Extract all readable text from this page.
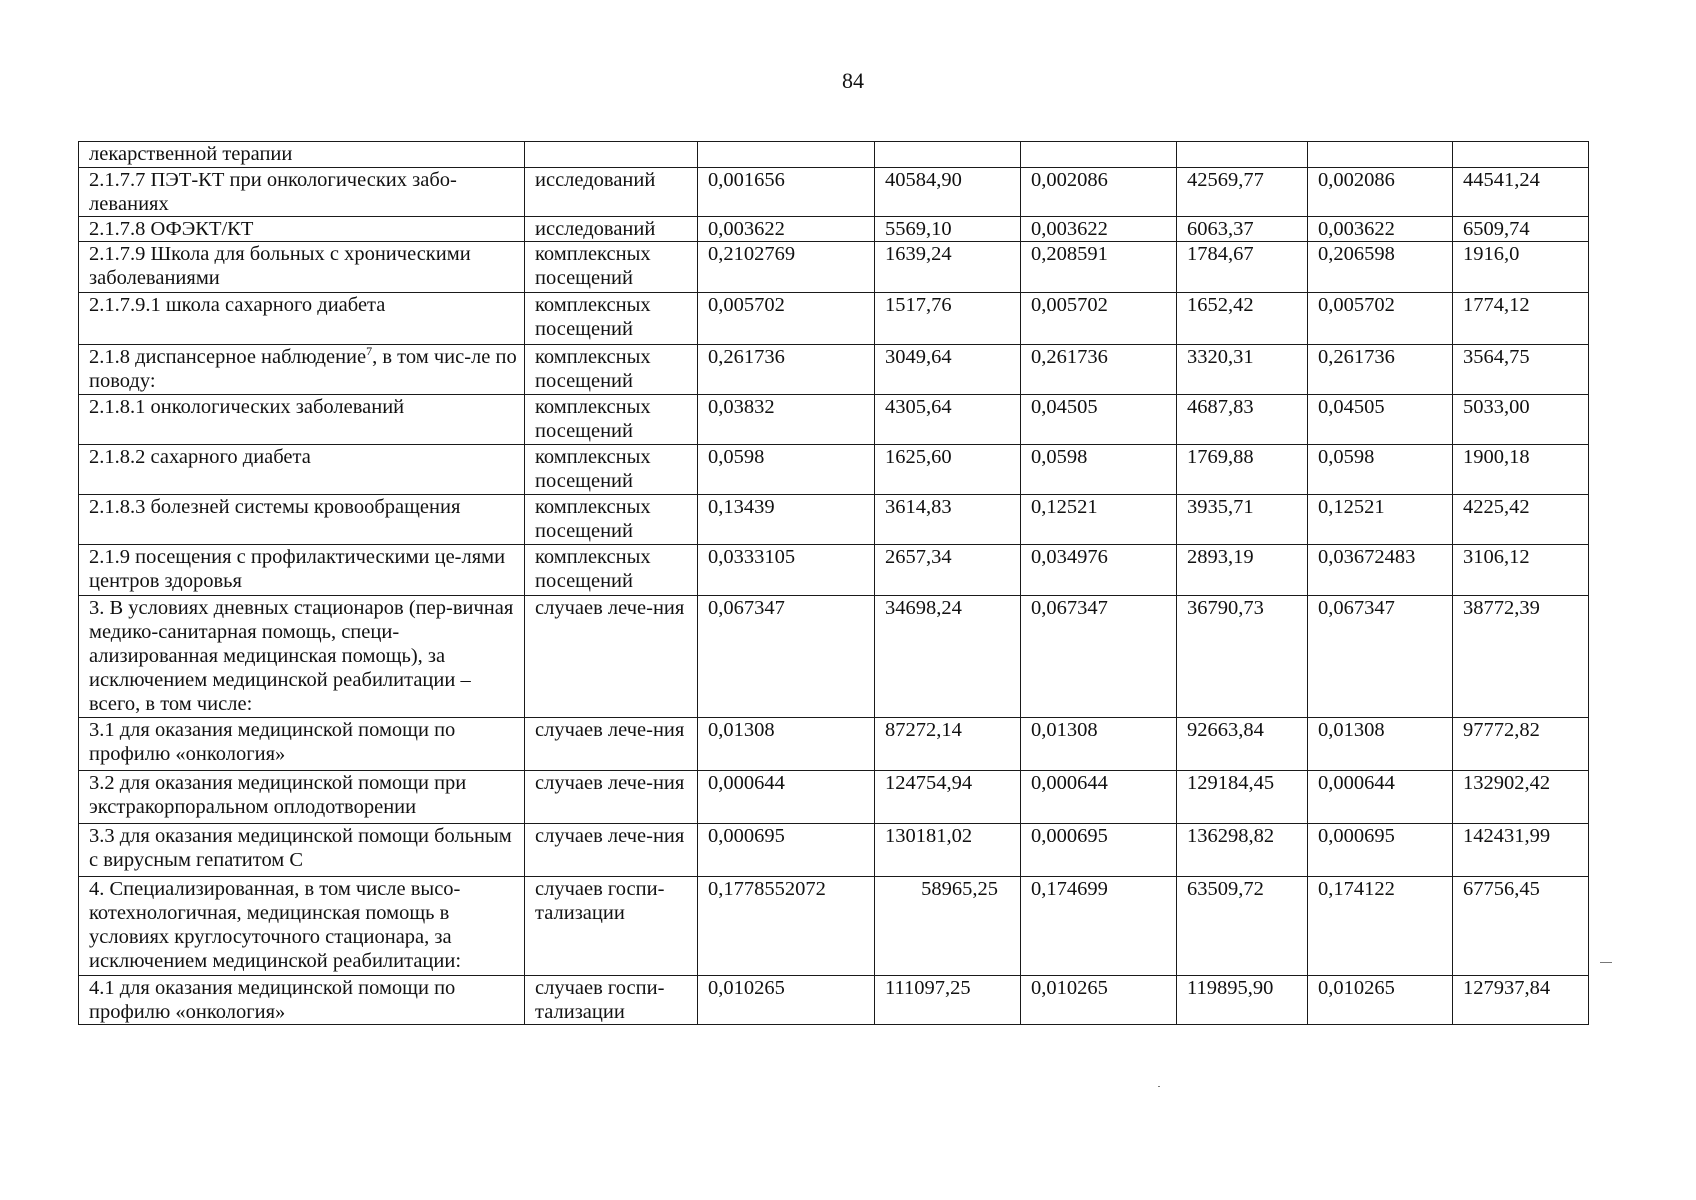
84
лекарственной терапии							
2.1.7.7 ПЭТ-КТ при онкологических забо-левaниях	исследований	0,001656	40584,90	0,002086	42569,77	0,002086	44541,24
2.1.7.8 ОФЭКТ/КТ	исследований	0,003622	5569,10	0,003622	6063,37	0,003622	6509,74
2.1.7.9 Школа для больных с хроническими заболеваниями	комплексных посещений	0,2102769	1639,24	0,208591	1784,67	0,206598	1916,0
2.1.7.9.1 школа сахарного диабета	комплексных посещений	0,005702	1517,76	0,005702	1652,42	0,005702	1774,12
2.1.8 диспансерное наблюдение$^7$, в том чис-ле по поводу:	комплексных посещений	0,261736	3049,64	0,261736	3320,31	0,261736	3564,75
2.1.8.1 онкологических заболеваний	комплексных посещений	0,03832	4305,64	0,04505	4687,83	0,04505	5033,00
2.1.8.2 сахарного диабета	комплексных посещений	0,0598	1625,60	0,0598	1769,88	0,0598	1900,18
2.1.8.3 болезней системы кровообращения	комплексных посещений	0,13439	3614,83	0,12521	3935,71	0,12521	4225,42
2.1.9 посещения с профилактическими це-лями центров здоровья	комплексных посещений	0,0333105	2657,34	0,034976	2893,19	0,03672483	3106,12
3. В условиях дневных стационаров (пер-вичная медико-санитарная помощь, специ-ализированная медицинская помощь), за исключением медицинской реабилитации – всего, в том числе:	случаев лече-ния	0,067347	34698,24	0,067347	36790,73	0,067347	38772,39
3.1 для оказания медицинской помощи по профилю «онкология»	случаев лече-ния	0,01308	87272,14	0,01308	92663,84	0,01308	97772,82
3.2 для оказания медицинской помощи при экстракорпоральном оплодотворении	случаев лече-ния	0,000644	124754,94	0,000644	129184,45	0,000644	132902,42
3.3 для оказания медицинской помощи больным с вирусным гепатитом С	случаев лече-ния	0,000695	130181,02	0,000695	136298,82	0,000695	142431,99
4. Специализированная, в том числе высо-котехнологичная, медицинская помощь в условиях круглосуточного стационара, за исключением медицинской реабилитации:	случаев госпи-тализации	0,1778552072	58965,25	0,174699	63509,72	0,174122	67756,45
4.1 для оказания медицинской помощи по профилю «онкология»	случаев госпи-тализации	0,010265	111097,25	0,010265	119895,90	0,010265	127937,84
